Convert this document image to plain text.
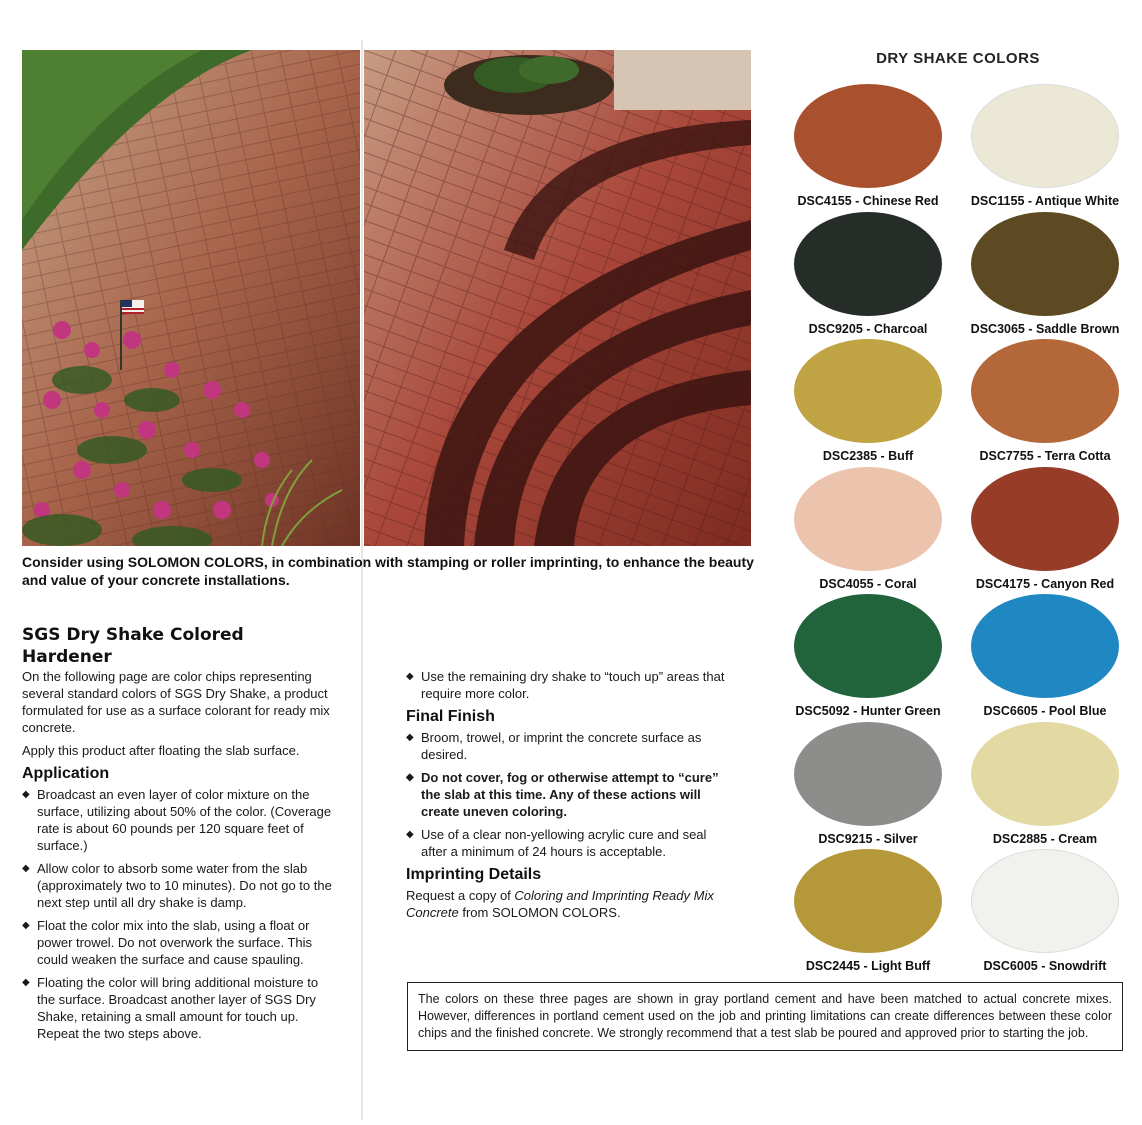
Consider using SOLOMON COLORS, in combination with stamping or roller imprinting, to enhance the beauty and value of your concrete installations.
SGS Dry Shake Colored
Hardener

On the following page are color chips representing several standard colors of SGS Dry Shake, a product formulated for use as a surface colorant for ready mix concrete.

Apply this product after floating the slab surface.

Application
◆ Broadcast an even layer of color mixture on the surface, utilizing about 50% of the color. (Coverage rate is about 60 pounds per 120 square feet of surface.)
◆ Allow color to absorb some water from the slab (approximately two to 10 minutes). Do not go to the next step until all dry shake is damp.
◆ Float the color mix into the slab, using a float or power trowel. Do not overwork the surface. This could weaken the surface and cause spauling.
◆ Floating the color will bring additional moisture to the surface. Broadcast another layer of SGS Dry Shake, retaining a small amount for touch up. Repeat the two steps above.
◆ Use the remaining dry shake to “touch up” areas that require more color.
Final Finish
◆ Broom, trowel, or imprint the concrete surface as desired.
◆ Do not cover, fog or otherwise attempt to “cure” the slab at this time. Any of these actions will create uneven coloring.
◆ Use of a clear non-yellowing acrylic cure and seal after a minimum of 24 hours is acceptable.
Imprinting Details

Request a copy of Coloring and Imprinting Ready Mix Concrete from SOLOMON COLORS.

DRY SHAKE COLORS
DSC4155 - Chinese Red	DSC1155 - Antique White
DSC9205 - Charcoal	DSC3065 - Saddle Brown
DSC2385 - Buff	DSC7755 - Terra Cotta
DSC4055 - Coral	DSC4175 - Canyon Red
DSC5092 - Hunter Green	DSC6605 - Pool Blue
DSC9215 - Silver	DSC2885 - Cream
DSC2445 - Light Buff	DSC6005 - Snowdrift
The colors on these three pages are shown in gray portland cement and have been matched to actual concrete mixes. However, differences in portland cement used on the job and printing limitations can create differences between these color chips and the finished concrete. We strongly recommend that a test slab be poured and approved prior to starting the job.
